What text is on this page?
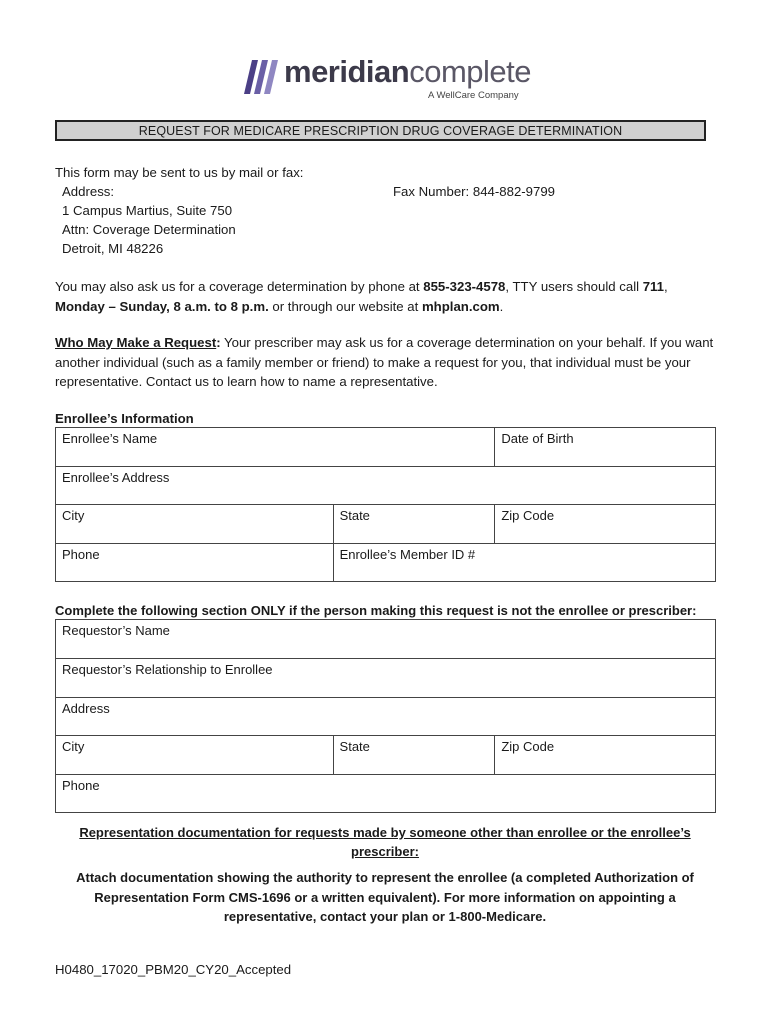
meridiancomplete
A WellCare Company
REQUEST FOR MEDICARE PRESCRIPTION DRUG COVERAGE DETERMINATION
This form may be sent to us by mail or fax:
Address:	Fax Number: 844-882-9799
1 Campus Martius, Suite 750
Attn: Coverage Determination
Detroit, MI 48226

You may also ask us for a coverage determination by phone at 855-323-4578, TTY users should call 711,
Monday – Sunday, 8 a.m. to 8 p.m. or through our website at mhplan.com.

Who May Make a Request: Your prescriber may ask us for a coverage determination on your behalf. If you want another individual (such as a family member or friend) to make a request for you, that individual must be your representative. Contact us to learn how to name a representative.

Enrollee’s Information
Enrollee’s Name		Date of Birth
Enrollee’s Address		
City	State	Zip Code
Phone	Enrollee’s Member ID #	
Complete the following section ONLY if the person making this request is not the enrollee or prescriber:
Requestor’s Name
Requestor’s Relationship to Enrollee
Address
City	State	Zip Code
Phone
Representation documentation for requests made by someone other than enrollee or the enrollee’s prescriber:
Attach documentation showing the authority to represent the enrollee (a completed Authorization of Representation Form CMS-1696 or a written equivalent). For more information on appointing a representative, contact your plan or 1-800-Medicare.
H0480_17020_PBM20_CY20_Accepted
